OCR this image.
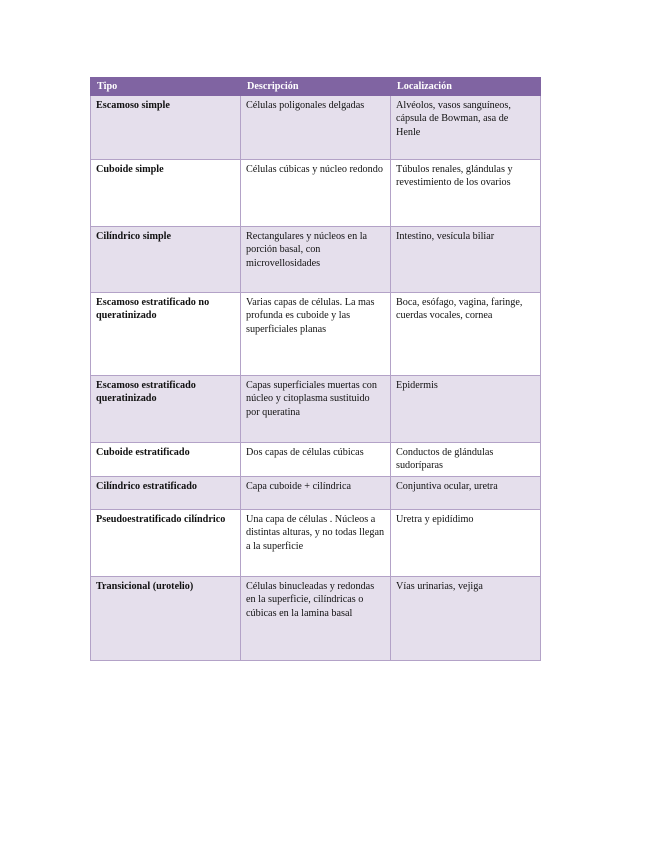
Tipo	Descripción	Localización
Escamoso simple	Células poligonales delgadas	Alvéolos, vasos sanguíneos, cápsula de Bowman, asa de Henle
Cuboide simple	Células cúbicas y núcleo redondo	Túbulos renales, glándulas y revestimiento de los ovarios
Cilíndrico simple	Rectangulares y núcleos en la porción basal, con microvellosidades	Intestino, vesícula biliar
Escamoso estratificado no queratinizado	Varias capas de células. La mas profunda es cuboide y las superficiales planas	Boca, esófago, vagina, faringe, cuerdas vocales, cornea
Escamoso estratificado queratinizado	Capas superficiales muertas con núcleo y citoplasma sustituido por queratina	Epidermis
Cuboide estratificado	Dos capas de células cúbicas	Conductos de glándulas sudoríparas
Cilíndrico estratificado	Capa cuboide + cilíndrica	Conjuntiva ocular, uretra
Pseudoestratificado cilíndrico	Una capa de células . Núcleos a distintas alturas, y no todas llegan a la superficie	Uretra y epidídimo
Transicional (urotelio)	Células binucleadas y redondas en la superficie, cilíndricas o cúbicas en la lamina basal	Vías urinarias, vejiga
